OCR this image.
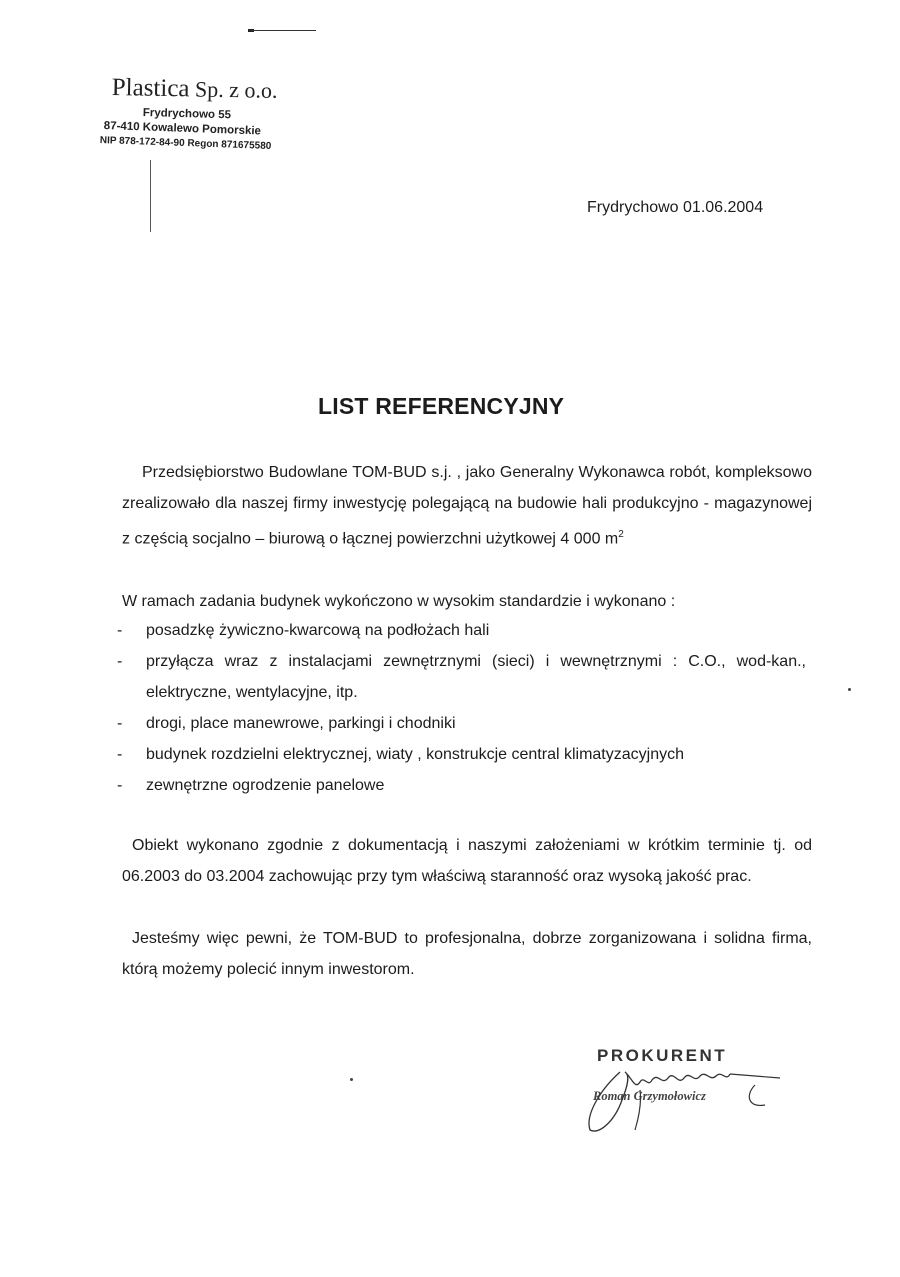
Plastica Sp. z o.o.
Frydrychowo 55
87-410 Kowalewo Pomorskie
NIP 878-172-84-90 Regon 871675580
Frydrychowo 01.06.2004
LIST REFERENCYJNY
Przedsiębiorstwo Budowlane TOM-BUD s.j. , jako Generalny Wykonawca robót, kompleksowo zrealizowało dla naszej firmy inwestycję polegającą na budowie hali produkcyjno - magazynowej z częścią socjalno – biurową o łącznej powierzchni użytkowej 4 000 $m^2$
W ramach zadania budynek wykończono w wysokim standardzie i wykonano :
- posadzkę żywiczno-kwarcową na podłożach hali
- przyłącza wraz z instalacjami zewnętrznymi (sieci) i wewnętrznymi : C.O., wod-kan., elektryczne, wentylacyjne, itp.
- drogi, place manewrowe, parkingi i chodniki
- budynek rozdzielni elektrycznej, wiaty , konstrukcje central klimatyzacyjnych
- zewnętrzne ogrodzenie panelowe
Obiekt wykonano zgodnie z dokumentacją i naszymi założeniami w krótkim terminie tj. od 06.2003 do 03.2004 zachowując przy tym właściwą staranność oraz wysoką jakość prac.
Jesteśmy więc pewni, że TOM-BUD to profesjonalna, dobrze zorganizowana i solidna firma, którą możemy polecić innym inwestorom.
PROKURENT
Roman Grzymołowicz
